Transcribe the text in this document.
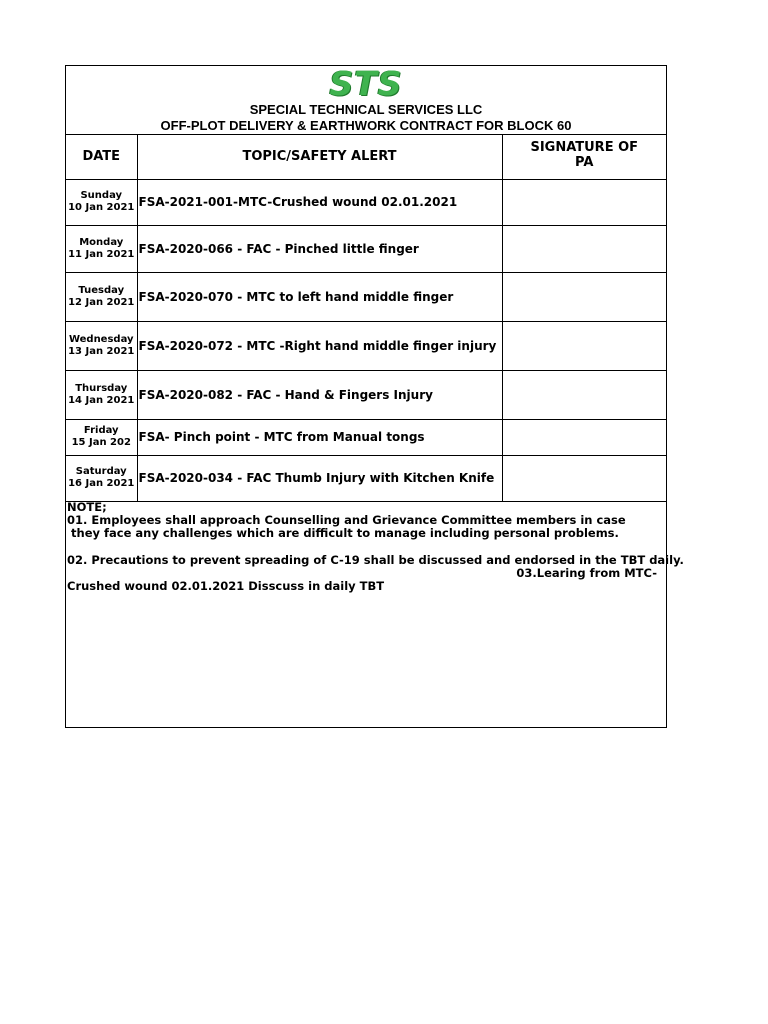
STS
SPECIAL TECHNICAL SERVICES LLC
OFF-PLOT DELIVERY & EARTHWORK CONTRACT FOR BLOCK 60
DATE	TOPIC/SAFETY ALERT	SIGNATURE OF
PA
Sunday
10 Jan 2021	FSA-2021-001-MTC-Crushed wound 02.01.2021	
Monday
11 Jan 2021	FSA-2020-066 - FAC - Pinched little finger	
Tuesday
12 Jan 2021	FSA-2020-070 - MTC to left hand middle finger	
Wednesday
13 Jan 2021	FSA-2020-072 - MTC -Right hand middle finger injury	
Thursday
14 Jan 2021	FSA-2020-082 - FAC - Hand & Fingers Injury	
Friday
15 Jan 202	FSA- Pinch point - MTC from Manual tongs	
Saturday
16 Jan 2021	FSA-2020-034 - FAC Thumb Injury with Kitchen Knife	
NOTE;
01. Employees shall approach Counselling and Grievance Committee members in case
they face any challenges which are difficult to manage including personal problems.
02. Precautions to prevent spreading of C-19 shall be discussed and endorsed in the TBT daily.
03.Learing from MTC-
Crushed wound 02.01.2021 Disscuss in daily TBT
